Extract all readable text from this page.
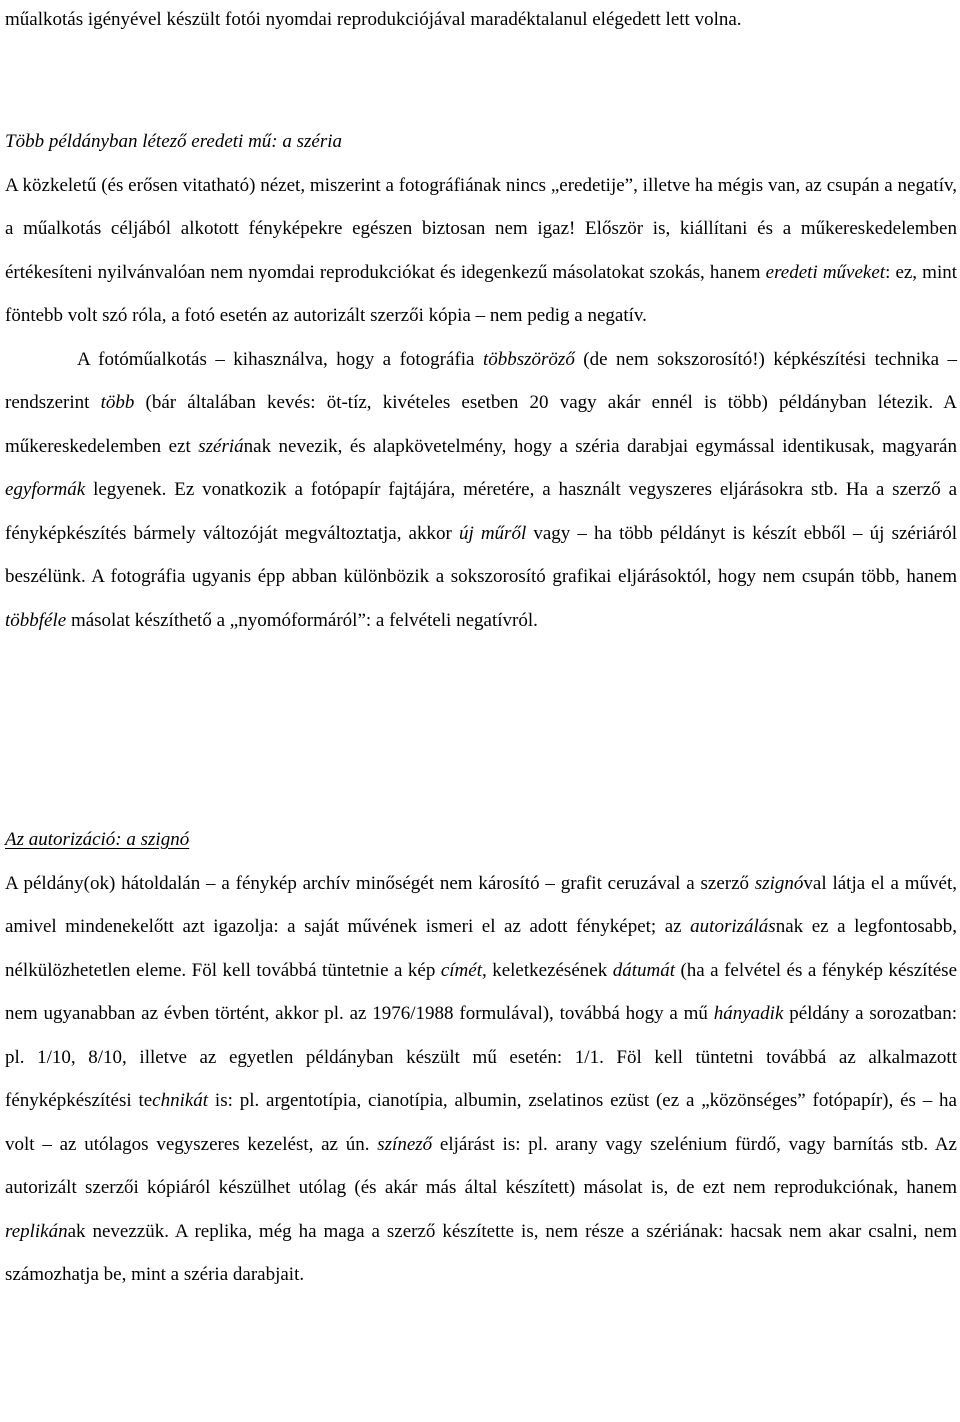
műalkotás igényével készült fotói nyomdai reprodukciójával maradéktalanul elégedett lett volna.

Több példányban létező eredeti mű: a széria

A közkeletű (és erősen vitatható) nézet, miszerint a fotográfiának nincs „eredetije”, illetve ha mégis van, az csupán a negatív, a műalkotás céljából alkotott fényképekre egészen biztosan nem igaz! Először is, kiállítani és a műkereskedelemben értékesíteni nyilvánvalóan nem nyomdai reprodukciókat és idegenkezű másolatokat szokás, hanem eredeti műveket: ez, mint föntebb volt szó róla, a fotó esetén az autorizált szerzői kópia – nem pedig a negatív.

A fotóműalkotás – kihasználva, hogy a fotográfia többszöröző (de nem sokszorosító!) képkészítési technika – rendszerint több (bár általában kevés: öt-tíz, kivételes esetben 20 vagy akár ennél is több) példányban létezik. A műkereskedelemben ezt szériának nevezik, és alapkövetelmény, hogy a széria darabjai egymással identikusak, magyarán egyformák legyenek. Ez vonatkozik a fotópapír fajtájára, méretére, a használt vegyszeres eljárásokra stb. Ha a szerző a fényképkészítés bármely változóját megváltoztatja, akkor új műről vagy – ha több példányt is készít ebből – új szériáról beszélünk. A fotográfia ugyanis épp abban különbözik a sokszorosító grafikai eljárásoktól, hogy nem csupán több, hanem többféle másolat készíthető a „nyomóformáról”: a felvételi negatívról.

Az autorizáció: a szignó

A példány(ok) hátoldalán – a fénykép archív minőségét nem károsító – grafit ceruzával a szerző szignóval látja el a művét, amivel mindenekelőtt azt igazolja: a saját művének ismeri el az adott fényképet; az autorizálásnak ez a legfontosabb, nélkülözhetetlen eleme. Föl kell továbbá tüntetnie a kép címét, keletkezésének dátumát (ha a felvétel és a fénykép készítése nem ugyanabban az évben történt, akkor pl. az 1976/1988 formulával), továbbá hogy a mű hányadik példány a sorozatban: pl. 1/10, 8/10, illetve az egyetlen példányban készült mű esetén: 1/1. Föl kell tüntetni továbbá az alkalmazott fényképkészítési technikát is: pl. argentotípia, cianotípia, albumin, zselatinos ezüst (ez a „közönséges” fotópapír), és – ha volt – az utólagos vegyszeres kezelést, az ún. színező eljárást is: pl. arany vagy szelénium fürdő, vagy barnítás stb. Az autorizált szerzői kópiáról készülhet utólag (és akár más által készített) másolat is, de ezt nem reprodukciónak, hanem replikának nevezzük. A replika, még ha maga a szerző készítette is, nem része a szériának: hacsak nem akar csalni, nem számozhatja be, mint a széria darabjait.
